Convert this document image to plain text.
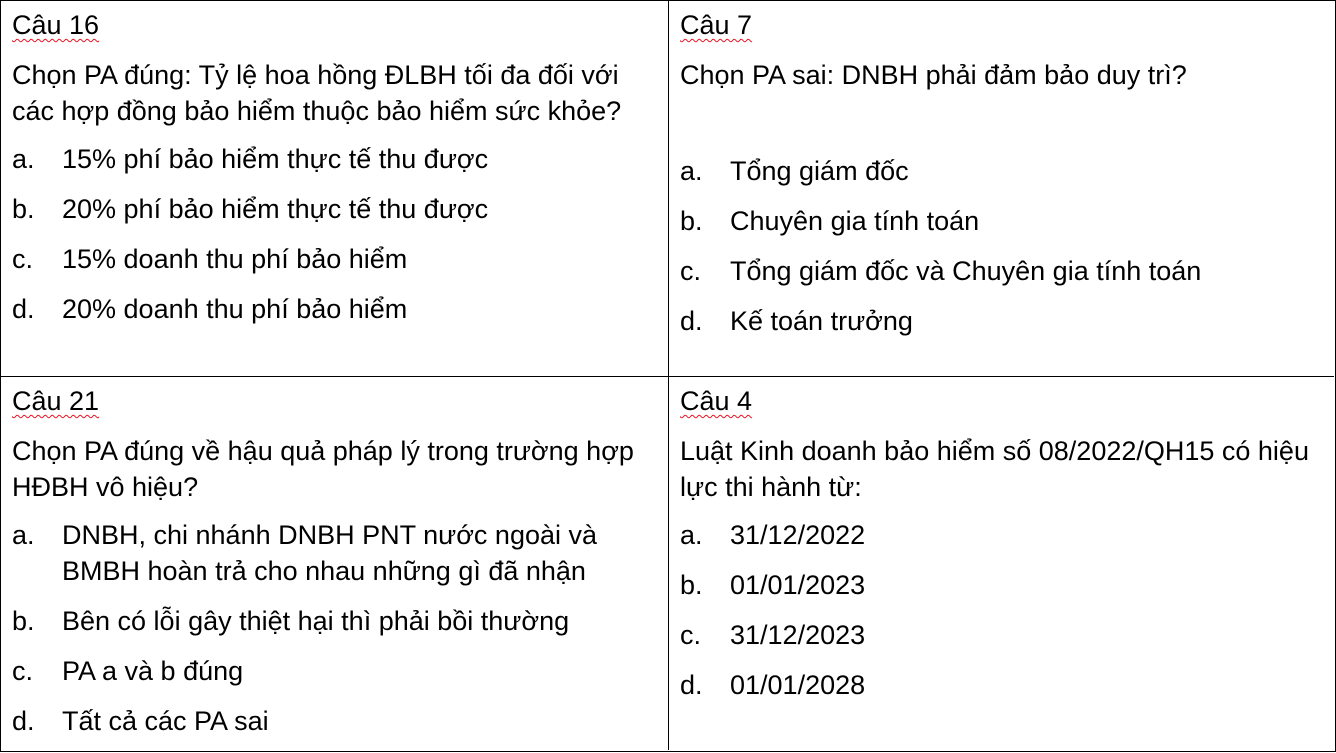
Câu 16
Chọn PA đúng: Tỷ lệ hoa hồng ĐLBH tối đa đối với các hợp đồng bảo hiểm thuộc bảo hiểm sức khỏe?
a.	15% phí bảo hiểm thực tế thu được
b.	20% phí bảo hiểm thực tế thu được
c.	15% doanh thu phí bảo hiểm
d.	20% doanh thu phí bảo hiểm
Câu 7
Chọn PA sai: DNBH phải đảm bảo duy trì?
a.	Tổng giám đốc
b.	Chuyên gia tính toán
c.	Tổng giám đốc và Chuyên gia tính toán
d.	Kế toán trưởng
Câu 21
Chọn PA đúng về hậu quả pháp lý trong trường hợp HĐBH vô hiệu?
a.	DNBH, chi nhánh DNBH PNT nước ngoài và BMBH hoàn trả cho nhau những gì đã nhận
b.	Bên có lỗi gây thiệt hại thì phải bồi thường
c.	PA a và b đúng
d.	Tất cả các PA sai
Câu 4
Luật Kinh doanh bảo hiểm số 08/2022/QH15 có hiệu lực thi hành từ:
a.	31/12/2022
b.	01/01/2023
c.	31/12/2023
d.	01/01/2028
